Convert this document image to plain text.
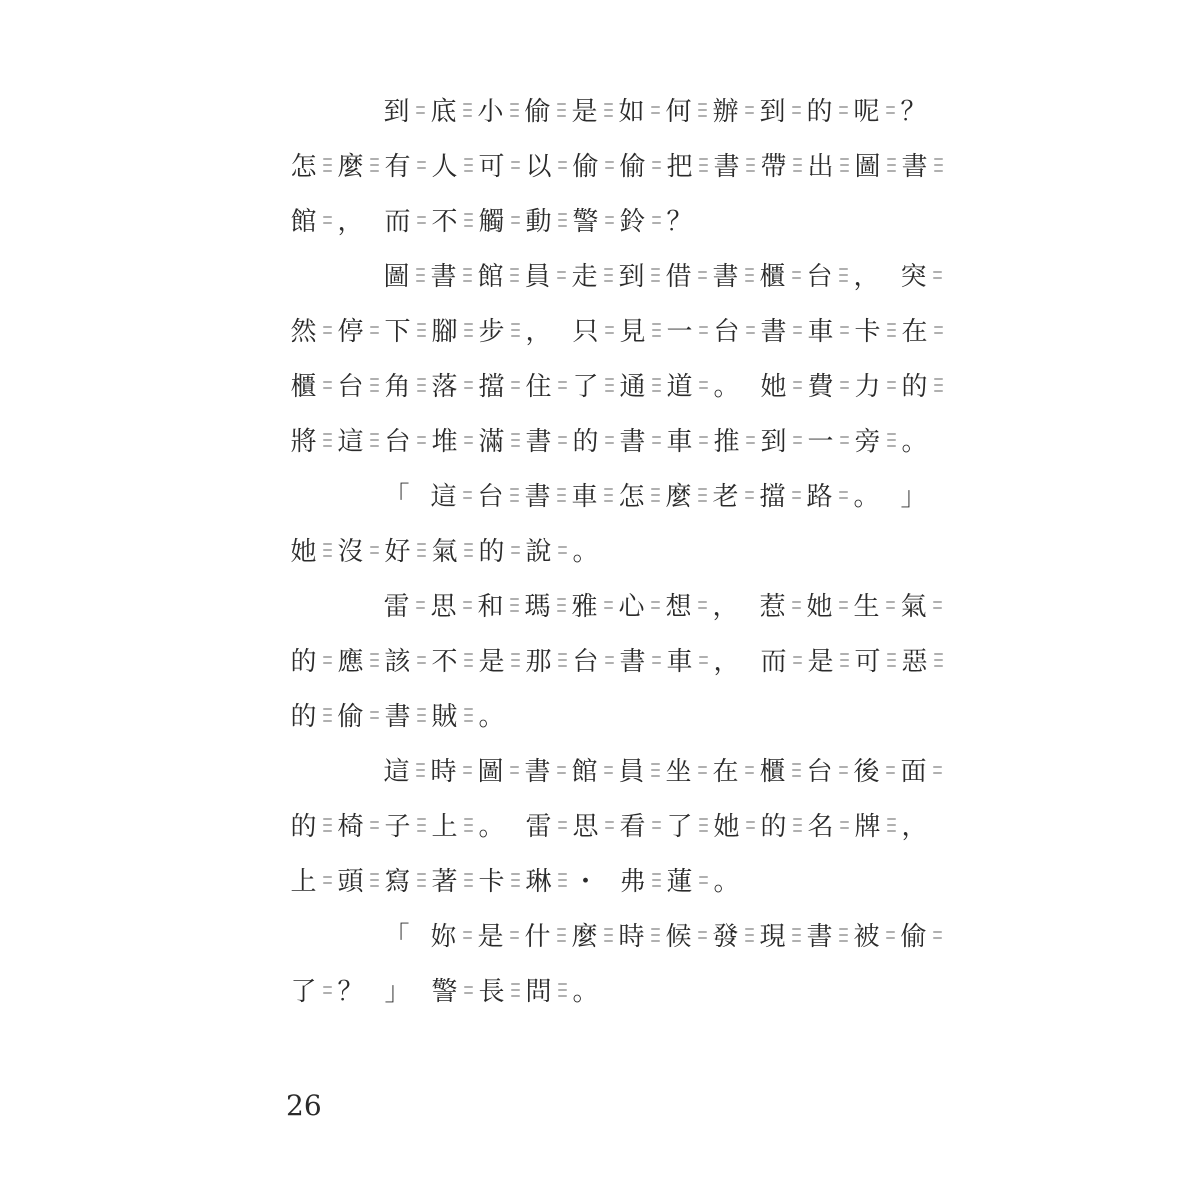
到 底 小 偷 是 如 何 辦 到 的 呢 ？
怎 麼 有 人 可 以 偷 偷 把 書 帶 出 圖 書
館 ， 而 不 觸 動 警 鈴 ？
圖 書 館 員 走 到 借 書 櫃 台 ， 突
然 停 下 腳 步 ， 只 見 一 台 書 車 卡 在
櫃 台 角 落 擋 住 了 通 道 。 她 費 力 的
將 這 台 堆 滿 書 的 書 車 推 到 一 旁 。
「 這 台 書 車 怎 麼 老 擋 路 。 」
她 沒 好 氣 的 說 。
雷 思 和 瑪 雅 心 想 ， 惹 她 生 氣
的 應 該 不 是 那 台 書 車 ， 而 是 可 惡
的 偷 書 賊 。
這 時 圖 書 館 員 坐 在 櫃 台 後 面
的 椅 子 上 。 雷 思 看 了 她 的 名 牌 ，
上 頭 寫 著 卡 琳 ・ 弗 蓮 。
「 妳 是 什 麼 時 候 發 現 書 被 偷
了 ？ 」 警 長 問 。
26
